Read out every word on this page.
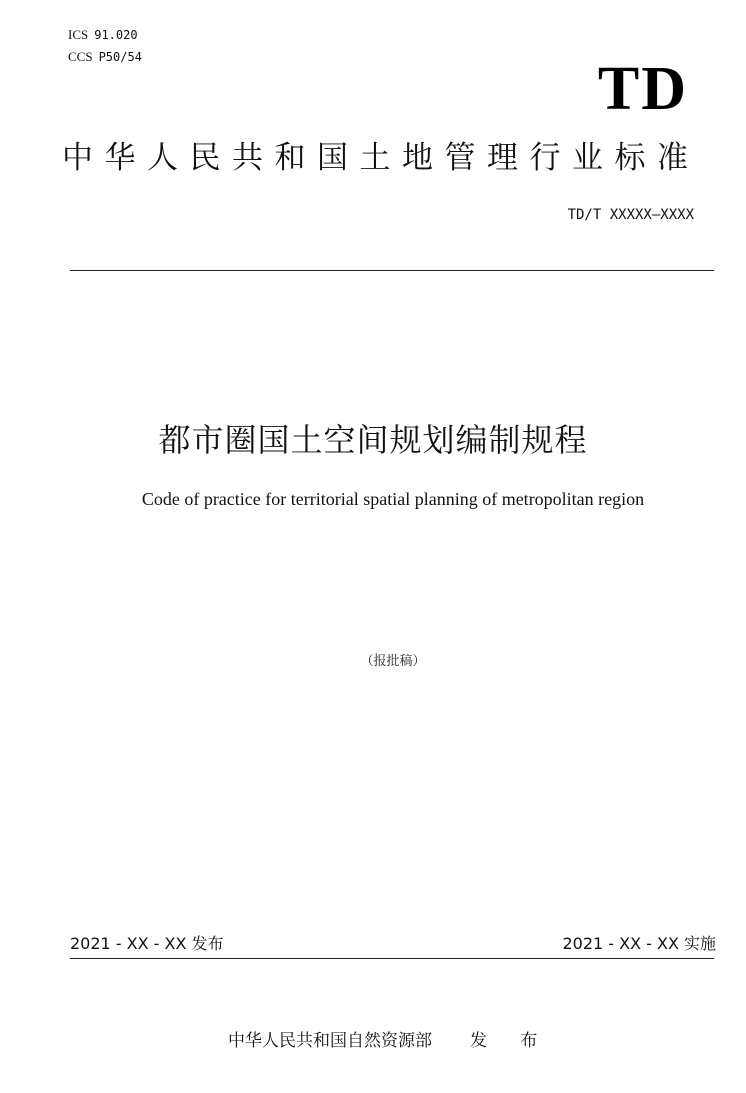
ICS 91.020
CCS P50/54	TD
中华人民共和国土地管理行业标准
TD/T XXXXX—XXXX
都市圈国土空间规划编制规程
Code of practice for territorial spatial planning of metropolitan region
（报批稿）
2021 - XX - XX 发布	2021 - XX - XX 实施
中华人民共和国自然资源部 发 布
